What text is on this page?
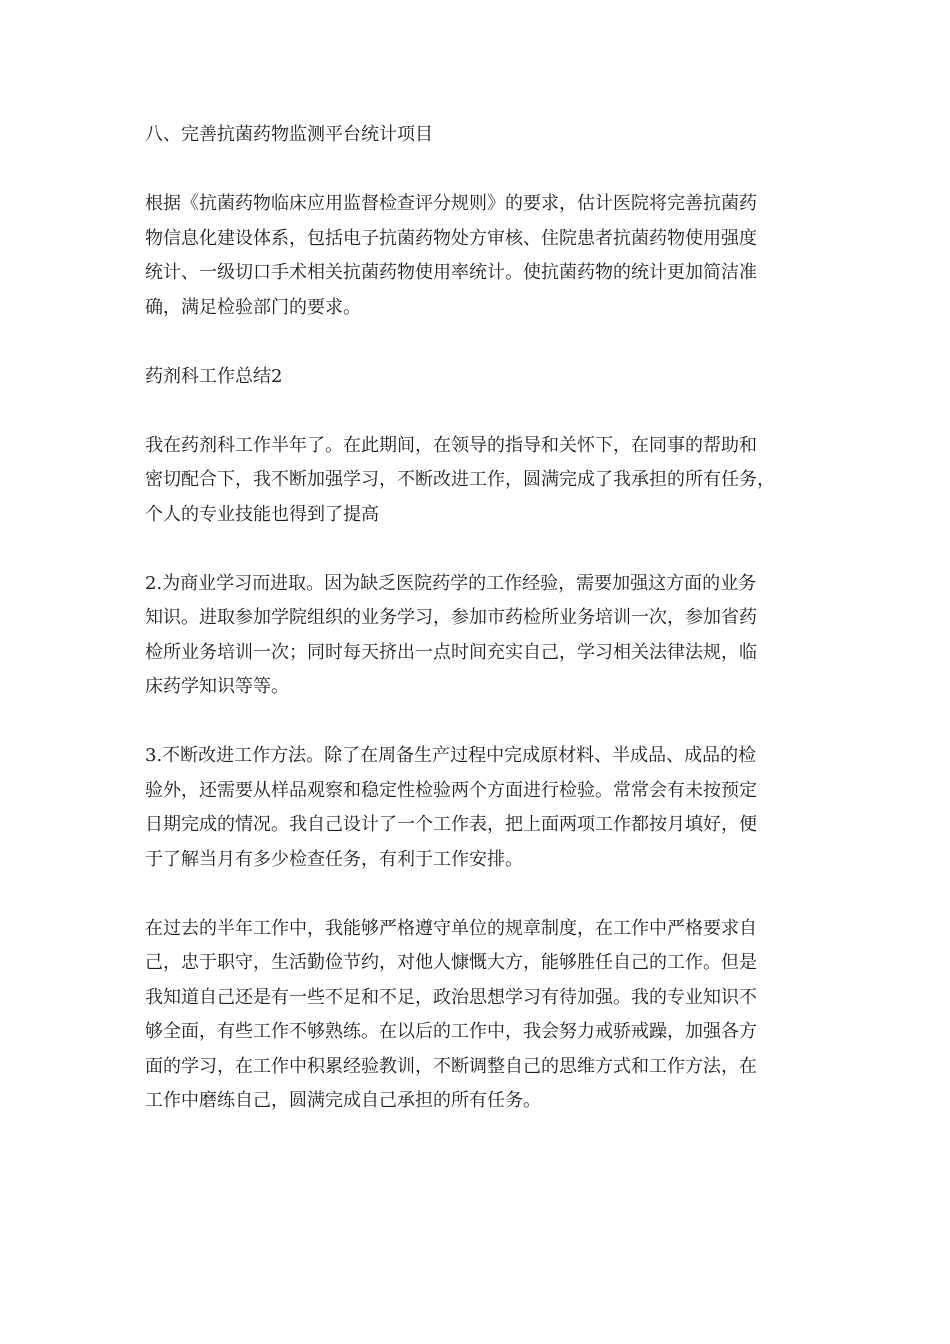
八、完善抗菌药物监测平台统计项目

根据《抗菌药物临床应用监督检查评分规则》的要求，估计医院将完善抗菌药
物信息化建设体系，包括电子抗菌药物处方审核、住院患者抗菌药物使用强度
统计、一级切口手术相关抗菌药物使用率统计。使抗菌药物的统计更加简洁准
确，满足检验部门的要求。

药剂科工作总结2

我在药剂科工作半年了。在此期间，在领导的指导和关怀下，在同事的帮助和
密切配合下，我不断加强学习，不断改进工作，圆满完成了我承担的所有任务，
个人的专业技能也得到了提高

2.为商业学习而进取。因为缺乏医院药学的工作经验，需要加强这方面的业务
知识。进取参加学院组织的业务学习，参加市药检所业务培训一次，参加省药
检所业务培训一次；同时每天挤出一点时间充实自己，学习相关法律法规，临
床药学知识等等。

3.不断改进工作方法。除了在周备生产过程中完成原材料、半成品、成品的检
验外，还需要从样品观察和稳定性检验两个方面进行检验。常常会有未按预定
日期完成的情况。我自己设计了一个工作表，把上面两项工作都按月填好，便
于了解当月有多少检查任务，有利于工作安排。

在过去的半年工作中，我能够严格遵守单位的规章制度，在工作中严格要求自
己，忠于职守，生活勤俭节约，对他人慷慨大方，能够胜任自己的工作。但是
我知道自己还是有一些不足和不足，政治思想学习有待加强。我的专业知识不
够全面，有些工作不够熟练。在以后的工作中，我会努力戒骄戒躁，加强各方
面的学习，在工作中积累经验教训，不断调整自己的思维方式和工作方法，在
工作中磨练自己，圆满完成自己承担的所有任务。
